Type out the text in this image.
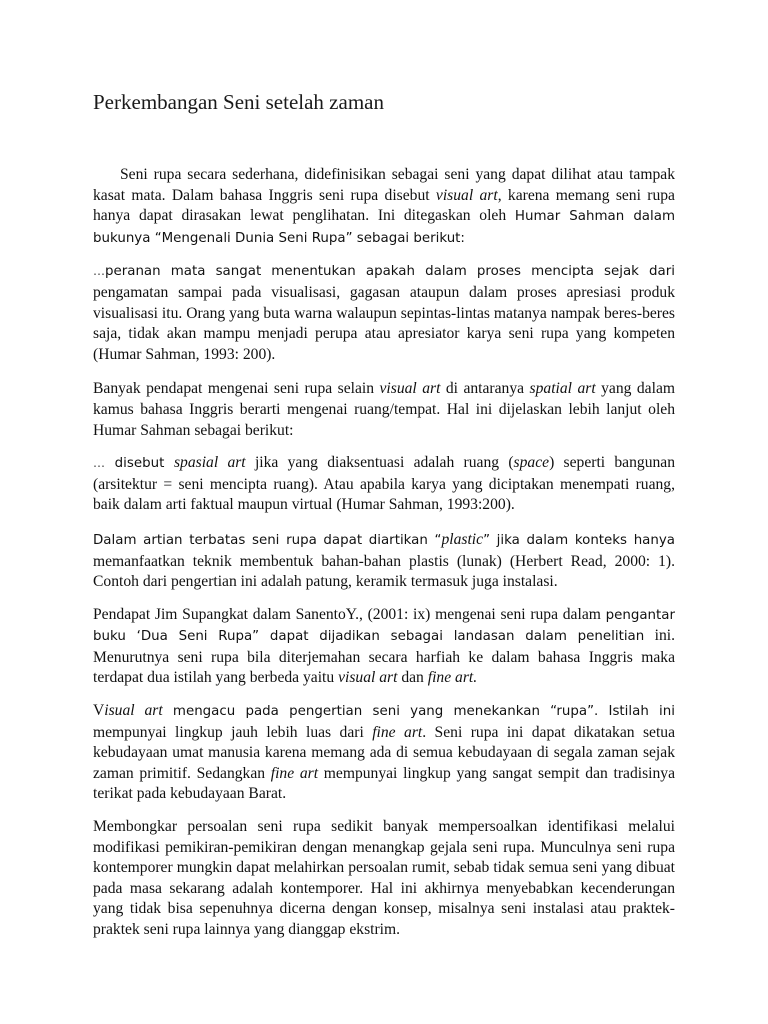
Perkembangan Seni setelah zaman

Seni rupa secara sederhana, didefinisikan sebagai seni yang dapat dilihat atau tampak kasat mata. Dalam bahasa Inggris seni rupa disebut visual art, karena memang seni rupa hanya dapat dirasakan lewat penglihatan. Ini ditegaskan oleh Humar Sahman dalam bukunya “Mengenali Dunia Seni Rupa” sebagai berikut:

…peranan mata sangat menentukan apakah dalam proses mencipta sejak dari pengamatan sampai pada visualisasi, gagasan ataupun dalam proses apresiasi produk visualisasi itu. Orang yang buta warna walaupun sepintas-lintas matanya nampak beres-beres saja, tidak akan mampu menjadi perupa atau apresiator karya seni rupa yang kompeten (Humar Sahman, 1993: 200).

Banyak pendapat mengenai seni rupa selain visual art di antaranya spatial art yang dalam kamus bahasa Inggris berarti mengenai ruang/tempat. Hal ini dijelaskan lebih lanjut oleh Humar Sahman sebagai berikut:

… disebut spasial art jika yang diaksentuasi adalah ruang (space) seperti bangunan (arsitektur = seni mencipta ruang). Atau apabila karya yang diciptakan menempati ruang, baik dalam arti faktual maupun virtual (Humar Sahman, 1993:200).

Dalam artian terbatas seni rupa dapat diartikan “plastic” jika dalam konteks hanya memanfaatkan teknik membentuk bahan-bahan plastis (lunak) (Herbert Read, 2000: 1). Contoh dari pengertian ini adalah patung, keramik termasuk juga instalasi.

Pendapat Jim Supangkat dalam SanentoY., (2001: ix) mengenai seni rupa dalam pengantar buku ‘Dua Seni Rupa” dapat dijadikan sebagai landasan dalam penelitian ini. Menurutnya seni rupa bila diterjemahan secara harfiah ke dalam bahasa Inggris maka terdapat dua istilah yang berbeda yaitu visual art dan fine art.

Visual art mengacu pada pengertian seni yang menekankan “rupa”. Istilah ini mempunyai lingkup jauh lebih luas dari fine art. Seni rupa ini dapat dikatakan setua kebudayaan umat manusia karena memang ada di semua kebudayaan di segala zaman sejak zaman primitif. Sedangkan fine art mempunyai lingkup yang sangat sempit dan tradisinya terikat pada kebudayaan Barat.

Membongkar persoalan seni rupa sedikit banyak mempersoalkan identifikasi melalui modifikasi pemikiran-pemikiran dengan menangkap gejala seni rupa. Munculnya seni rupa kontemporer mungkin dapat melahirkan persoalan rumit, sebab tidak semua seni yang dibuat pada masa sekarang adalah kontemporer. Hal ini akhirnya menyebabkan kecenderungan yang tidak bisa sepenuhnya dicerna dengan konsep, misalnya seni instalasi atau praktek-praktek seni rupa lainnya yang dianggap ekstrim.
